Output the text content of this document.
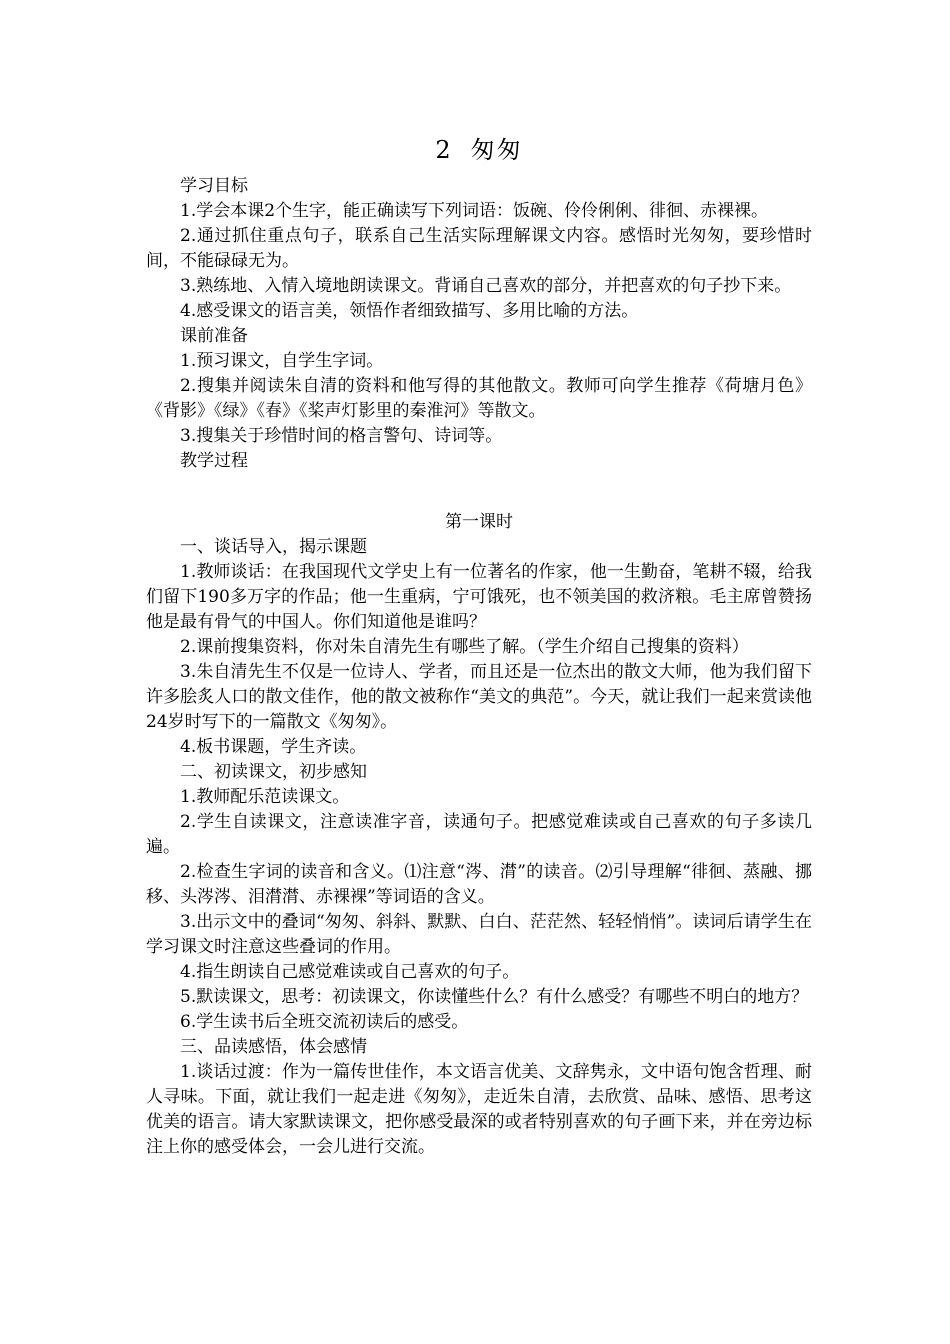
2 匆匆

学习目标

1.学会本课2个生字，能正确读写下列词语：饭碗、伶伶俐俐、徘徊、赤裸裸。

2.通过抓住重点句子，联系自己生活实际理解课文内容。感悟时光匆匆，要珍惜时间，不能碌碌无为。

3.熟练地、入情入境地朗读课文。背诵自己喜欢的部分，并把喜欢的句子抄下来。

4.感受课文的语言美，领悟作者细致描写、多用比喻的方法。

课前准备

1.预习课文，自学生字词。

2.搜集并阅读朱自清的资料和他写得的其他散文。教师可向学生推荐《荷塘月色》《背影》《绿》《春》《桨声灯影里的秦淮河》等散文。

3.搜集关于珍惜时间的格言警句、诗词等。

教学过程

第一课时

一、谈话导入，揭示课题

1.教师谈话：在我国现代文学史上有一位著名的作家，他一生勤奋，笔耕不辍，给我们留下190多万字的作品；他一生重病，宁可饿死，也不领美国的救济粮。毛主席曾赞扬他是最有骨气的中国人。你们知道他是谁吗？

2.课前搜集资料，你对朱自清先生有哪些了解。（学生介绍自己搜集的资料）

3.朱自清先生不仅是一位诗人、学者，而且还是一位杰出的散文大师，他为我们留下许多脍炙人口的散文佳作，他的散文被称作“美文的典范”。今天，就让我们一起来赏读他24岁时写下的一篇散文《匆匆》。

4.板书课题，学生齐读。

二、初读课文，初步感知

1.教师配乐范读课文。

2.学生自读课文，注意读准字音，读通句子。把感觉难读或自己喜欢的句子多读几遍。

2.检查生字词的读音和含义。⑴注意“涔、潸”的读音。⑵引导理解“徘徊、蒸融、挪移、头涔涔、泪潸潸、赤裸裸”等词语的含义。

3.出示文中的叠词“匆匆、斜斜、默默、白白、茫茫然、轻轻悄悄”。读词后请学生在学习课文时注意这些叠词的作用。

4.指生朗读自己感觉难读或自己喜欢的句子。

5.默读课文，思考：初读课文，你读懂些什么？有什么感受？有哪些不明白的地方？

6.学生读书后全班交流初读后的感受。

三、品读感悟，体会感情

1.谈话过渡：作为一篇传世佳作，本文语言优美、文辞隽永，文中语句饱含哲理、耐人寻味。下面，就让我们一起走进《匆匆》，走近朱自清，去欣赏、品味、感悟、思考这优美的语言。请大家默读课文，把你感受最深的或者特别喜欢的句子画下来，并在旁边标注上你的感受体会，一会儿进行交流。
